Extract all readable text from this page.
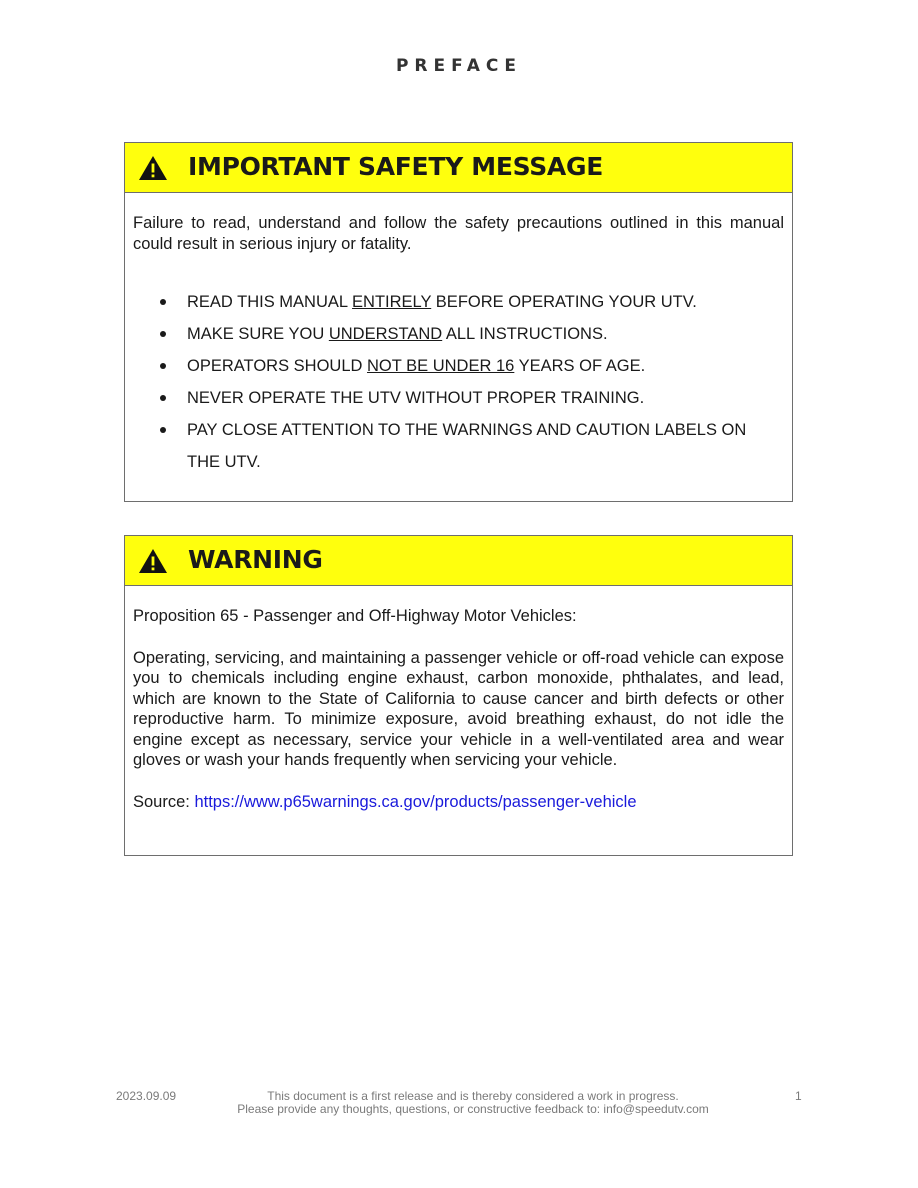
PREFACE
IMPORTANT SAFETY MESSAGE

Failure to read, understand and follow the safety precautions outlined in this manual could result in serious injury or fatality.

READ THIS MANUAL ENTIRELY BEFORE OPERATING YOUR UTV.
MAKE SURE YOU UNDERSTAND ALL INSTRUCTIONS.
OPERATORS SHOULD NOT BE UNDER 16 YEARS OF AGE.
NEVER OPERATE THE UTV WITHOUT PROPER TRAINING.
PAY CLOSE ATTENTION TO THE WARNINGS AND CAUTION LABELS ON THE UTV.
WARNING

Proposition 65 - Passenger and Off-Highway Motor Vehicles:

Operating, servicing, and maintaining a passenger vehicle or off-road vehicle can expose you to chemicals including engine exhaust, carbon monoxide, phthalates, and lead, which are known to the State of California to cause cancer and birth defects or other reproductive harm. To minimize exposure, avoid breathing exhaust, do not idle the engine except as necessary, service your vehicle in a well-ventilated area and wear gloves or wash your hands frequently when servicing your vehicle.

Source: https://www.p65warnings.ca.gov/products/passenger-vehicle

2023.09.09	This document is a first release and is thereby considered a work in progress.
Please provide any thoughts, questions, or constructive feedback to: info@speedutv.com
1
